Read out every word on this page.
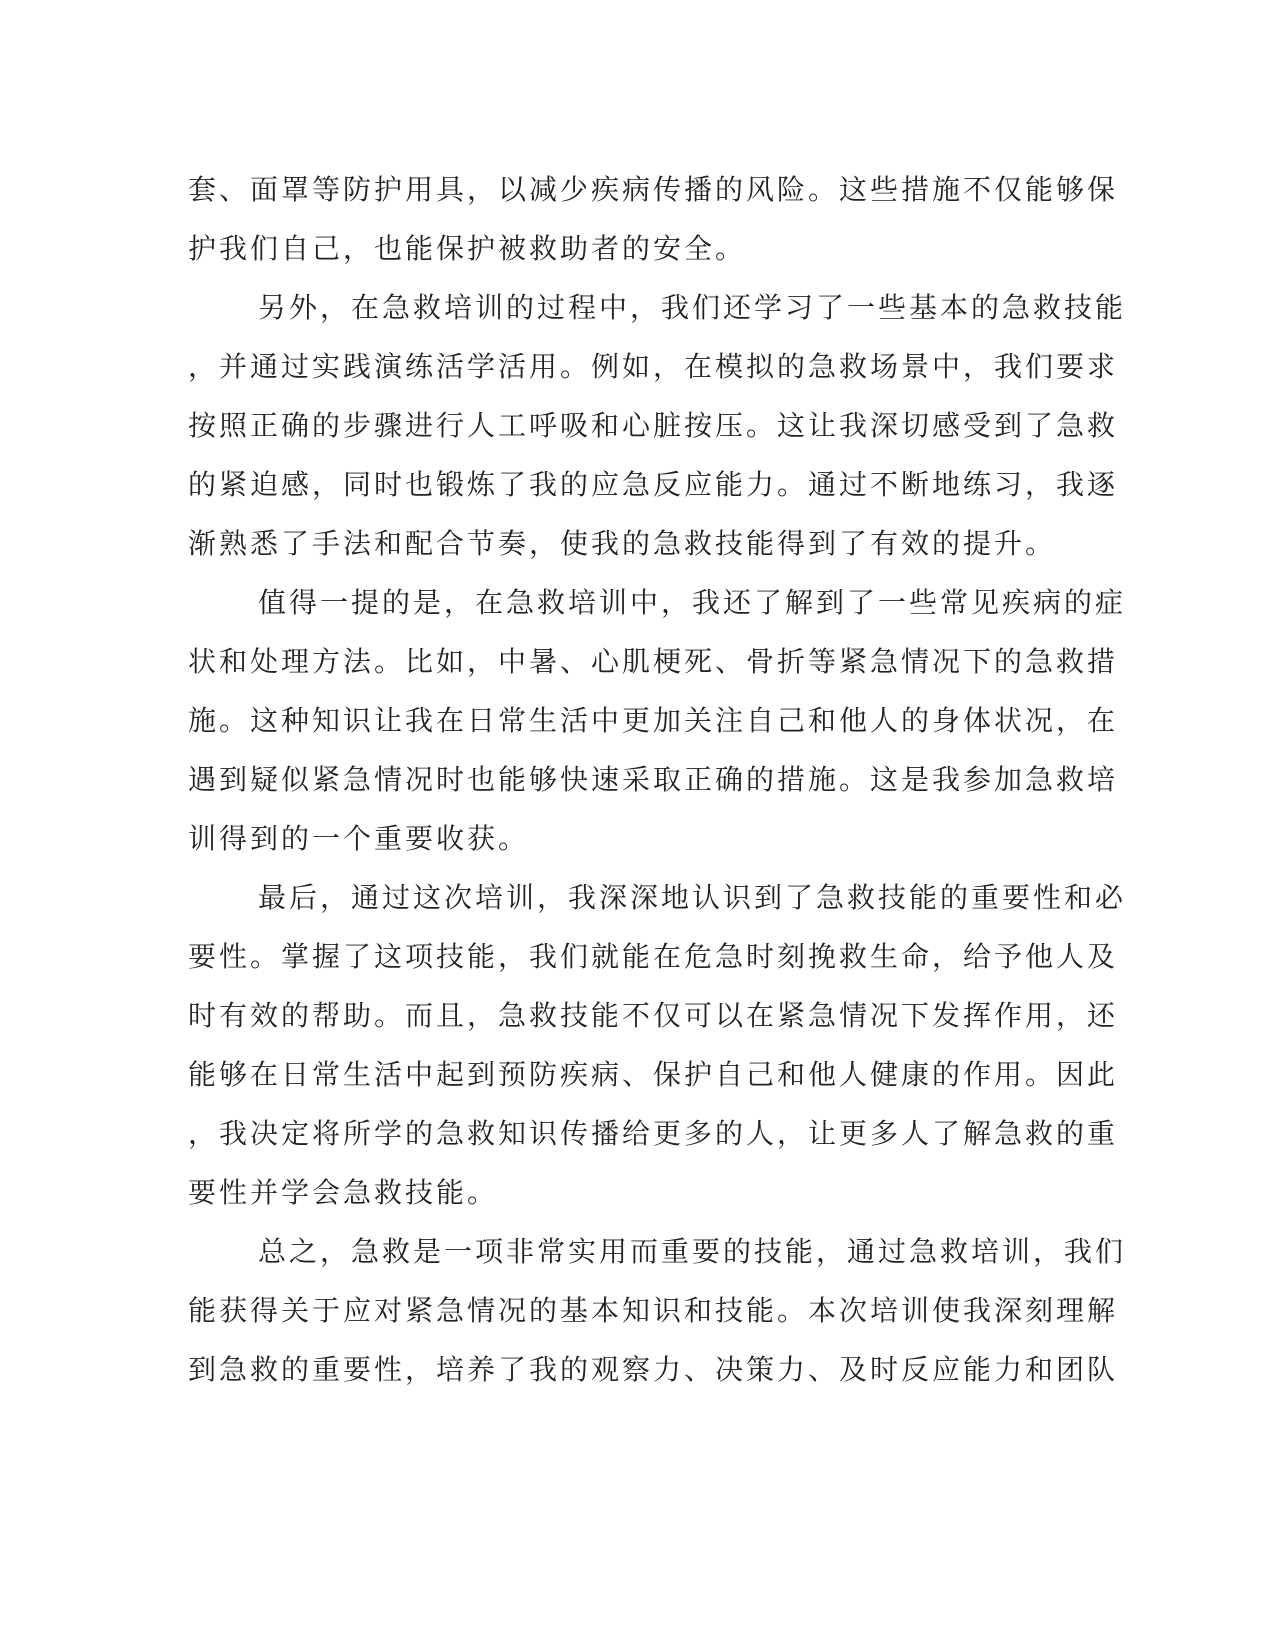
套、面罩等防护用具，以减少疾病传播的风险。这些措施不仅能够保
护我们自己，也能保护被救助者的安全。
另外，在急救培训的过程中，我们还学习了一些基本的急救技能
，并通过实践演练活学活用。例如，在模拟的急救场景中，我们要求
按照正确的步骤进行人工呼吸和心脏按压。这让我深切感受到了急救
的紧迫感，同时也锻炼了我的应急反应能力。通过不断地练习，我逐
渐熟悉了手法和配合节奏，使我的急救技能得到了有效的提升。
值得一提的是，在急救培训中，我还了解到了一些常见疾病的症
状和处理方法。比如，中暑、心肌梗死、骨折等紧急情况下的急救措
施。这种知识让我在日常生活中更加关注自己和他人的身体状况，在
遇到疑似紧急情况时也能够快速采取正确的措施。这是我参加急救培
训得到的一个重要收获。
最后，通过这次培训，我深深地认识到了急救技能的重要性和必
要性。掌握了这项技能，我们就能在危急时刻挽救生命，给予他人及
时有效的帮助。而且，急救技能不仅可以在紧急情况下发挥作用，还
能够在日常生活中起到预防疾病、保护自己和他人健康的作用。因此
，我决定将所学的急救知识传播给更多的人，让更多人了解急救的重
要性并学会急救技能。
总之，急救是一项非常实用而重要的技能，通过急救培训，我们
能获得关于应对紧急情况的基本知识和技能。本次培训使我深刻理解
到急救的重要性，培养了我的观察力、决策力、及时反应能力和团队
